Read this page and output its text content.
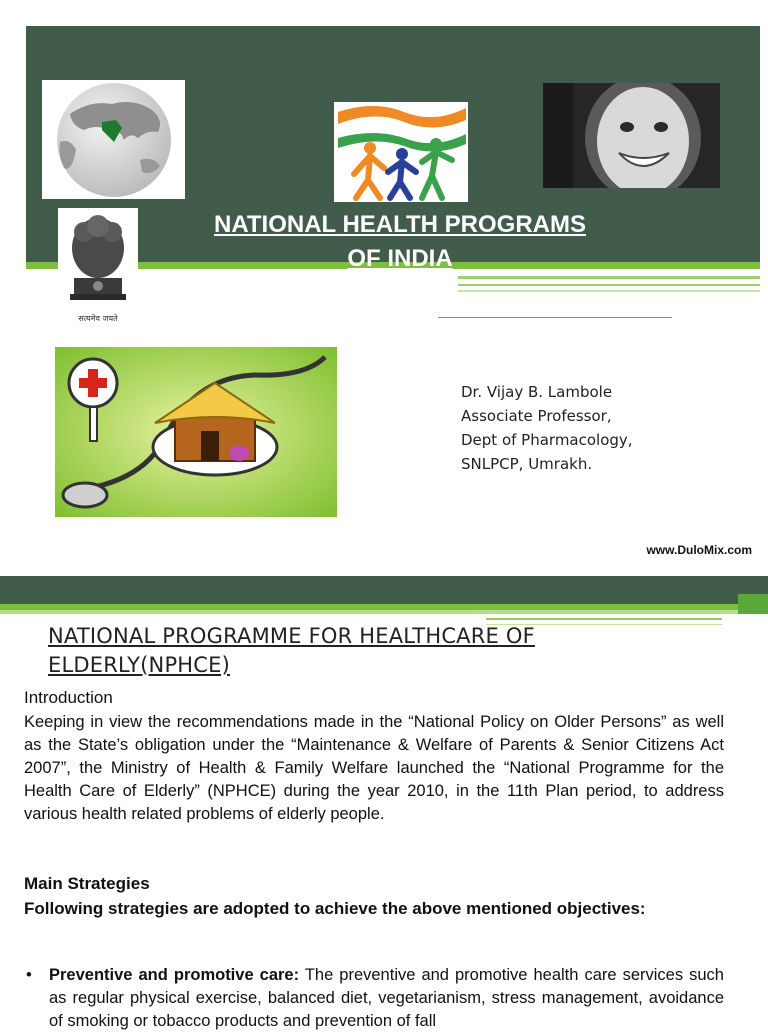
सत्यमेव जयते
NATIONAL HEALTH PROGRAMS
OF INDIA
Dr. Vijay B. Lambole
Associate Professor,
Dept of Pharmacology,
SNLPCP, Umrakh.
www.DuloMix.com
NATIONAL PROGRAMME FOR HEALTHCARE OF
ELDERLY(NPHCE)
Introduction
Keeping in view the recommendations made in the “National Policy on Older Persons” as well as the State’s obligation under the “Maintenance & Welfare of Parents & Senior Citizens Act 2007”, the Ministry of Health & Family Welfare launched the “National Programme for the Health Care of Elderly” (NPHCE) during the year 2010, in the 11th Plan period, to address various health related problems of elderly people.
Main Strategies
Following strategies are adopted to achieve the above mentioned objectives:
• Preventive and promotive care: The preventive and promotive health care services such as regular physical exercise, balanced diet, vegetarianism, stress management, avoidance of smoking or tobacco products and prevention of fall
